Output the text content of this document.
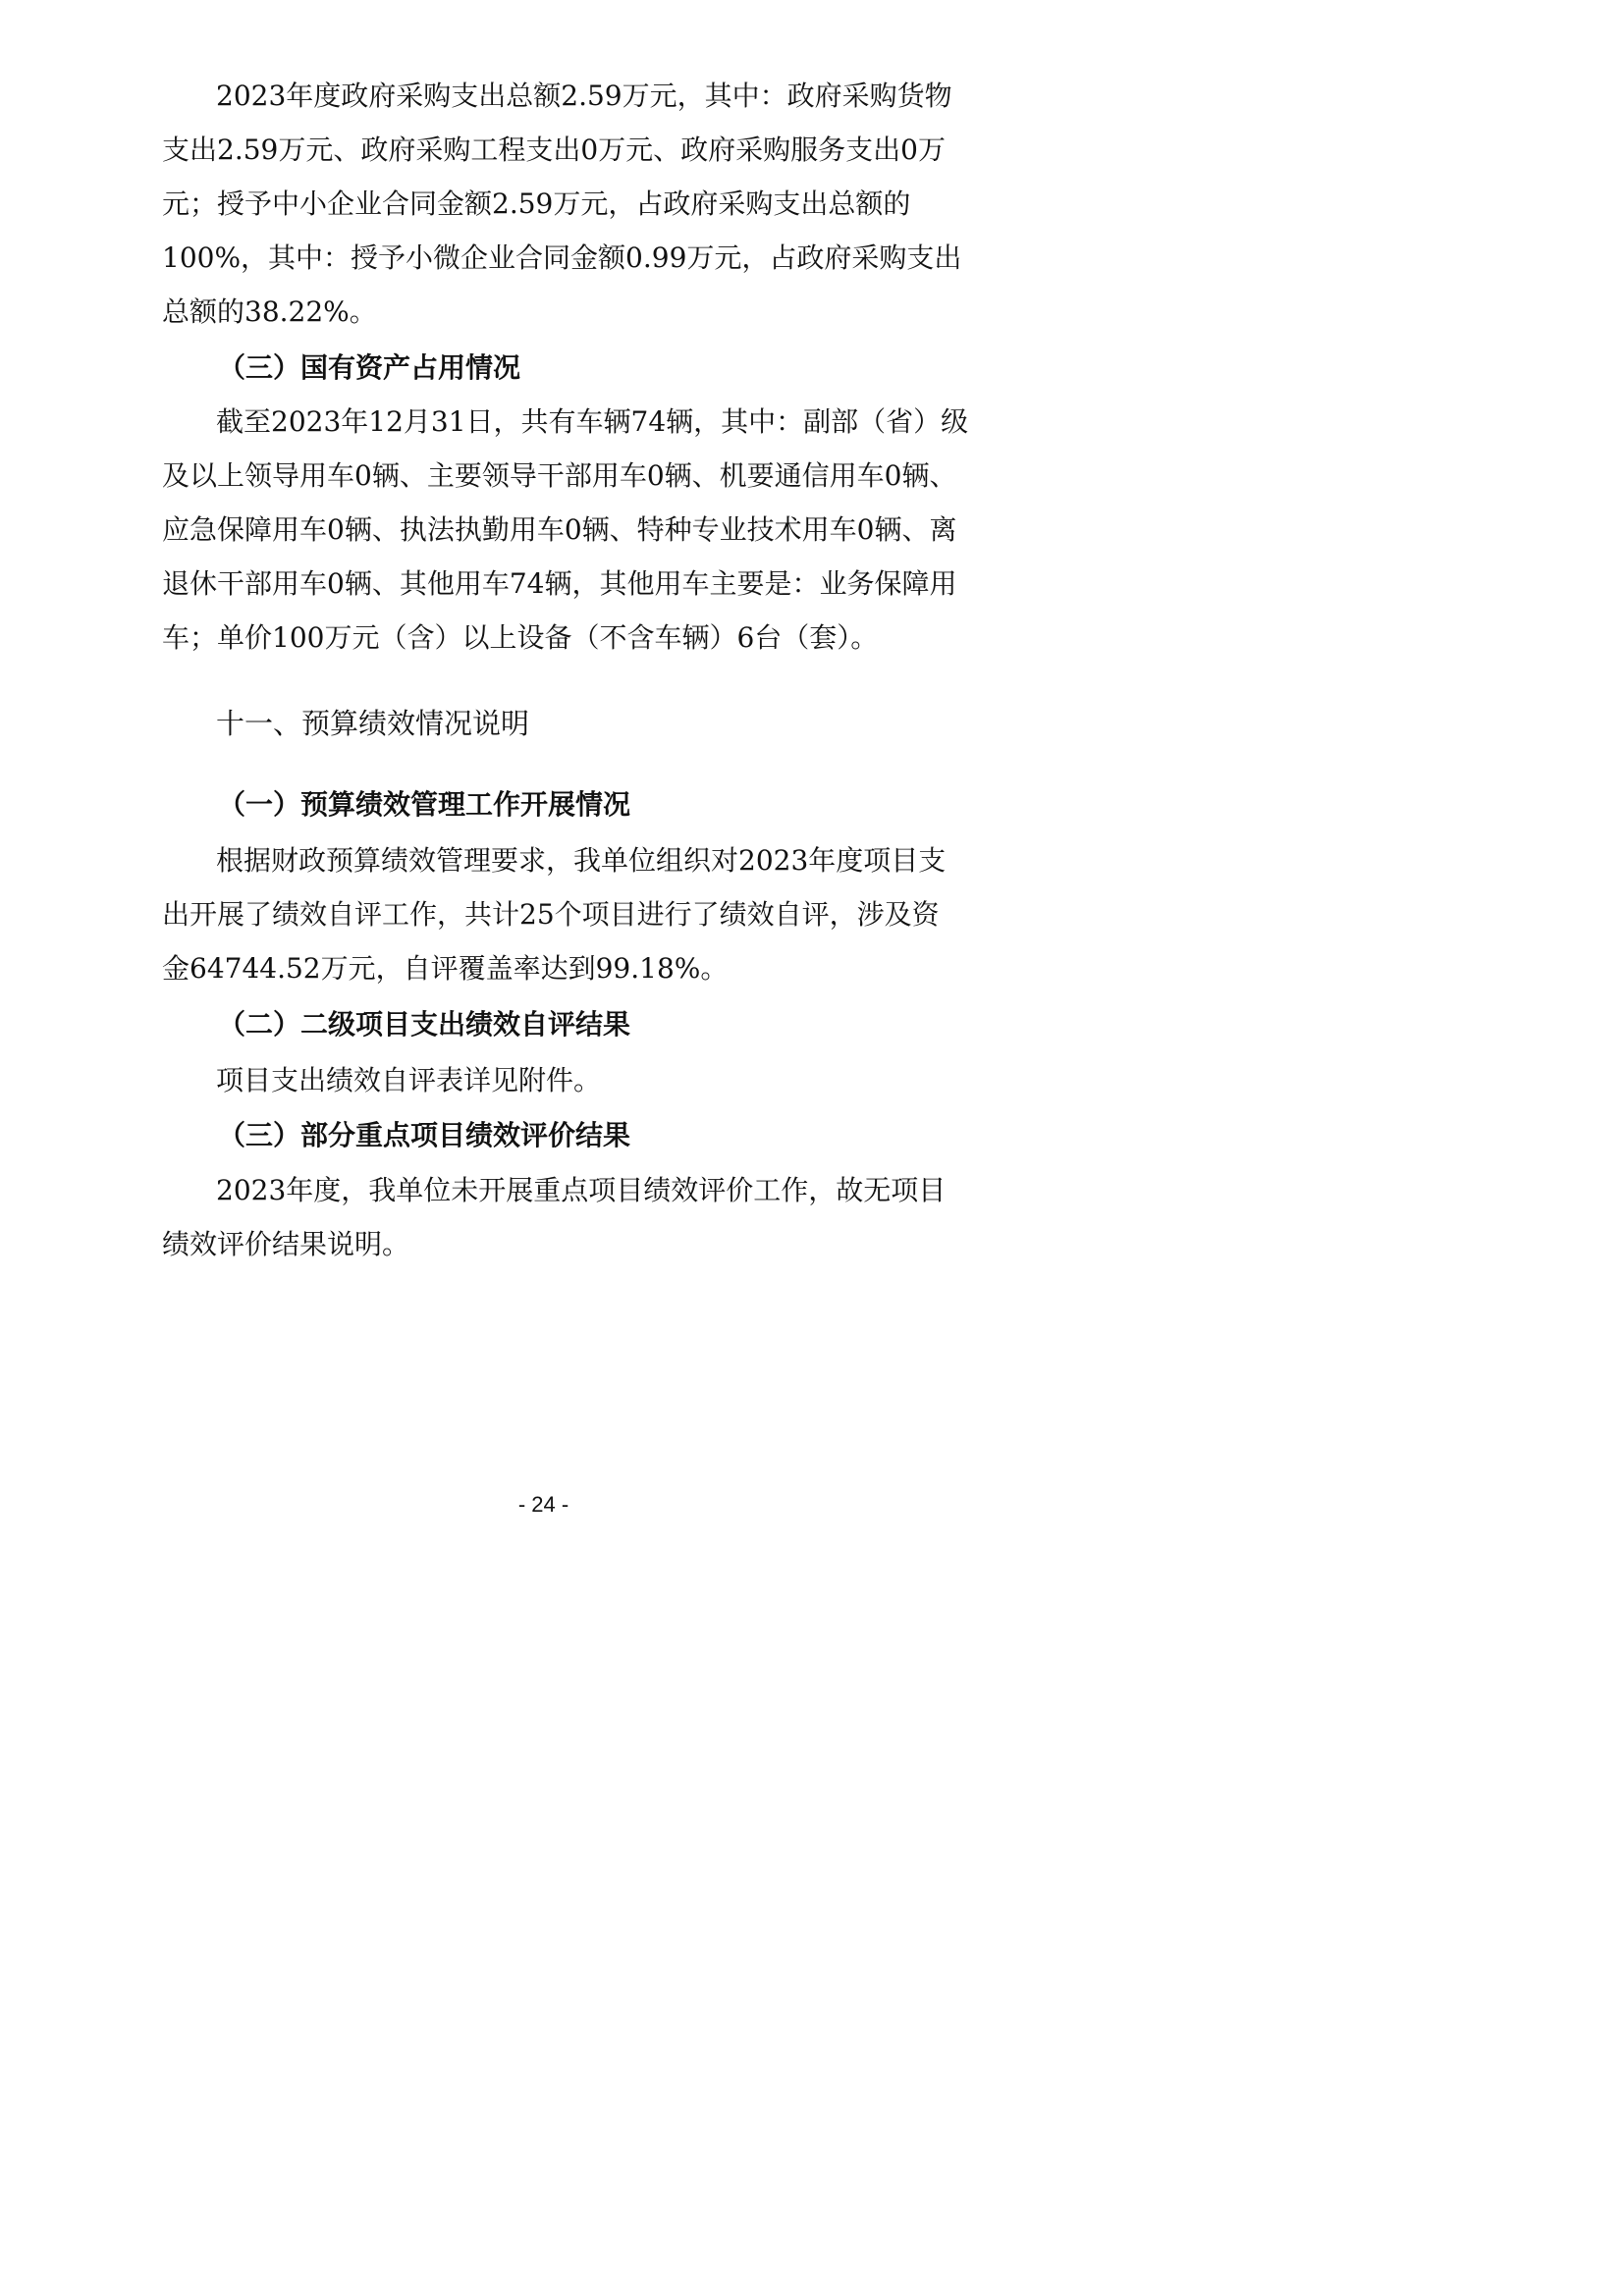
2023年度政府采购支出总额2.59万元，其中：政府采购货物

支出2.59万元、政府采购工程支出0万元、政府采购服务支出0万

元；授予中小企业合同金额2.59万元，占政府采购支出总额的

100%，其中：授予小微企业合同金额0.99万元，占政府采购支出

总额的38.22%。

（三）国有资产占用情况

截至2023年12月31日，共有车辆74辆，其中：副部（省）级

及以上领导用车0辆、主要领导干部用车0辆、机要通信用车0辆、

应急保障用车0辆、执法执勤用车0辆、特种专业技术用车0辆、离

退休干部用车0辆、其他用车74辆，其他用车主要是：业务保障用

车；单价100万元（含）以上设备（不含车辆）6台（套）。

十一、预算绩效情况说明

（一）预算绩效管理工作开展情况

根据财政预算绩效管理要求，我单位组织对2023年度项目支

出开展了绩效自评工作，共计25个项目进行了绩效自评，涉及资

金64744.52万元，自评覆盖率达到99.18%。

（二）二级项目支出绩效自评结果

项目支出绩效自评表详见附件。

（三）部分重点项目绩效评价结果

2023年度，我单位未开展重点项目绩效评价工作，故无项目

绩效评价结果说明。

- 24 -
